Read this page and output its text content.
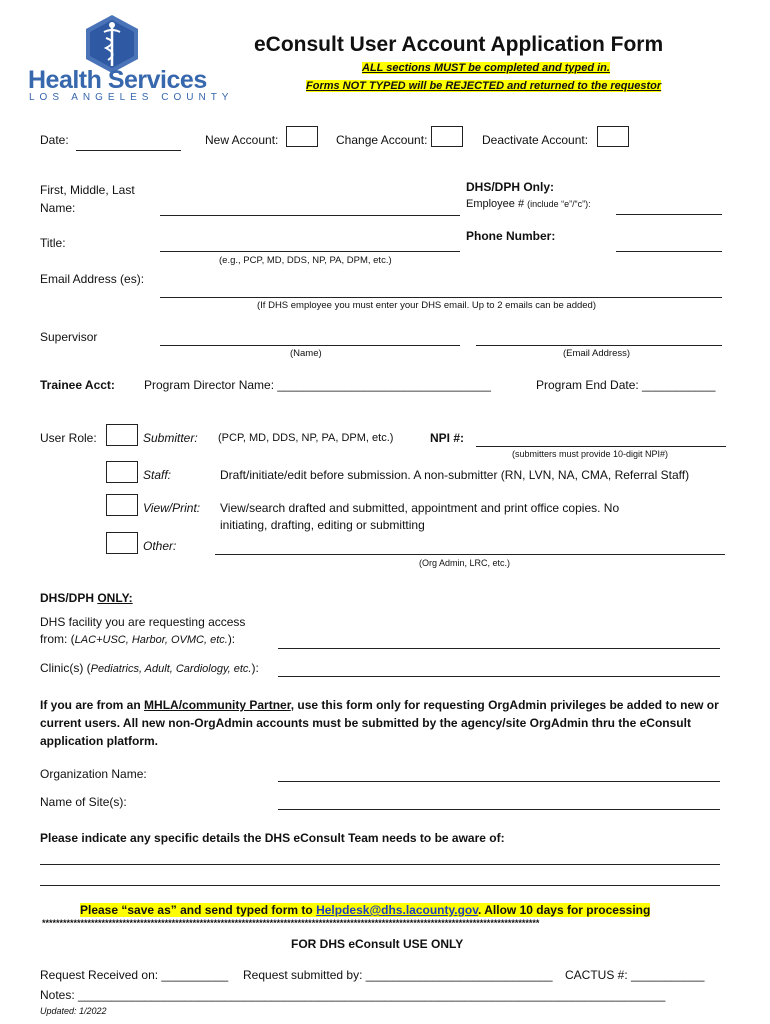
Health Services
LOS ANGELES COUNTY
eConsult User Account Application Form
ALL sections MUST be completed and typed in.
Forms NOT TYPED will be REJECTED and returned to the requestor
Date:	New Account:	Change Account:	Deactivate Account:
First, Middle, Last
Name:
DHS/DPH Only:
Employee # (include “e”/“c”):
Title:
(e.g., PCP, MD, DDS, NP, PA, DPM, etc.)
Phone Number:
Email Address (es):
(If DHS employee you must enter your DHS email. Up to 2 emails can be added)
Supervisor
(Name)	(Email Address)
Trainee Acct: Program Director Name: ________________________________	Program End Date: ___________
User Role:	Submitter: (PCP, MD, DDS, NP, PA, DPM, etc.)	NPI #:
(submitters must provide 10-digit NPI#)
Staff:	Draft/initiate/edit before submission. A non-submitter (RN, LVN, NA, CMA, Referral Staff)
View/Print: View/search drafted and submitted, appointment and print office copies. No
initiating, drafting, editing or submitting
Other:
(Org Admin, LRC, etc.)
DHS/DPH ONLY:
DHS facility you are requesting access
from: (LAC+USC, Harbor, OVMC, etc.):
Clinic(s) (Pediatrics, Adult, Cardiology, etc.):
If you are from an MHLA/community Partner, use this form only for requesting OrgAdmin privileges be added to new or current users. All new non-OrgAdmin accounts must be submitted by the agency/site OrgAdmin thru the eConsult application platform.
Organization Name:
Name of Site(s):
Please indicate any specific details the DHS eConsult Team needs to be aware of:
Please “save as” and send typed form to Helpdesk@dhs.lacounty.gov. Allow 10 days for processing
**********************************************************************************************************************************************
FOR DHS eConsult USE ONLY
Request Received on: __________ Request submitted by: ____________________________ CACTUS #: ___________
Notes: ________________________________________________________________________________________
Updated: 1/2022
